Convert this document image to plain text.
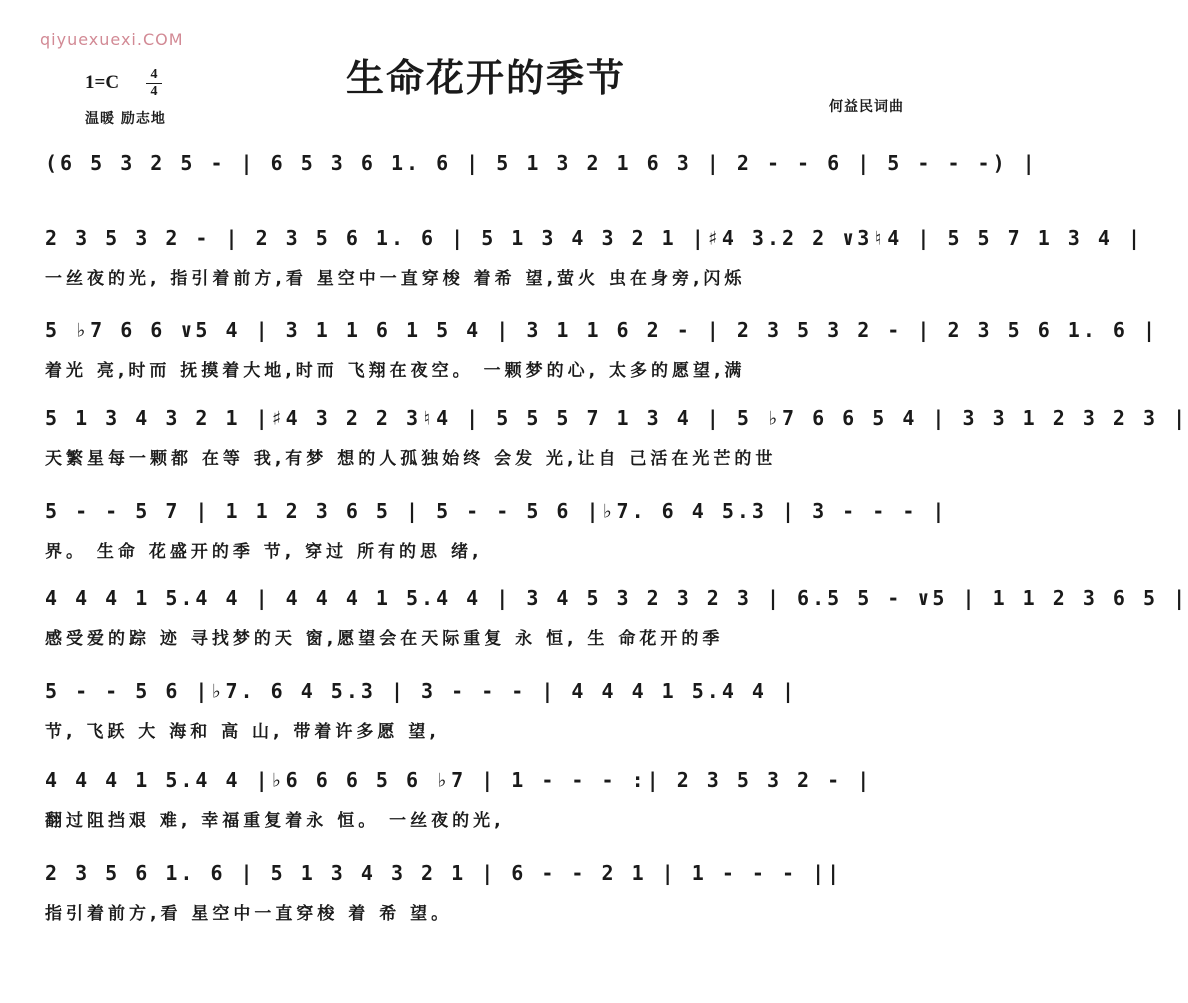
qiyuexuexi.COM
生命花开的季节
1=C	4
4
温暖 励志地
何益民词曲
(6 5 3 2 5 - | 6 5 3 6 1. 6 | 5 1 3 2 1 6 3 | 2 - - 6 | 5 - - -) |
2 3 5 3 2 - | 2 3 5 6 1. 6 | 5 1 3 4 3 2 1 |♯4 3.2 2 ∨3♮4 | 5 5 7 1 3 4 |
一丝夜的光, 指引着前方,看 星空中一直穿梭 着希 望,萤火 虫在身旁,闪烁
5 ♭7 6 6 ∨5 4 | 3 1 1 6 1 5 4 | 3 1 1 6 2 - | 2 3 5 3 2 - | 2 3 5 6 1. 6 |
着光 亮,时而 抚摸着大地,时而 飞翔在夜空。 一颗梦的心, 太多的愿望,满
5 1 3 4 3 2 1 |♯4 3 2 2 3♮4 | 5 5 5 7 1 3 4 | 5 ♭7 6 6 5 4 | 3 3 1 2 3 2 3 |
天繁星每一颗都 在等 我,有梦 想的人孤独始终 会发 光,让自 己活在光芒的世
5 - - 5 7 | 1 1 2 3 6 5 | 5 - - 5 6 |♭7. 6 4 5.3 | 3 - - - |
界。 生命 花盛开的季 节, 穿过 所有的思 绪,
4 4 4 1 5.4 4 | 4 4 4 1 5.4 4 | 3 4 5 3 2 3 2 3 | 6.5 5 - ∨5 | 1 1 2 3 6 5 |
感受爱的踪 迹 寻找梦的天 窗,愿望会在天际重复 永 恒, 生 命花开的季
5 - - 5 6 |♭7. 6 4 5.3 | 3 - - - | 4 4 4 1 5.4 4 |
节, 飞跃 大 海和 高 山, 带着许多愿 望,
4 4 4 1 5.4 4 |♭6 6 6 5 6 ♭7 | 1 - - - :| 2 3 5 3 2 - |
翻过阻挡艰 难, 幸福重复着永 恒。 一丝夜的光,
2 3 5 6 1. 6 | 5 1 3 4 3 2 1 | 6 - - 2 1 | 1 - - - ||
指引着前方,看 星空中一直穿梭 着 希 望。
